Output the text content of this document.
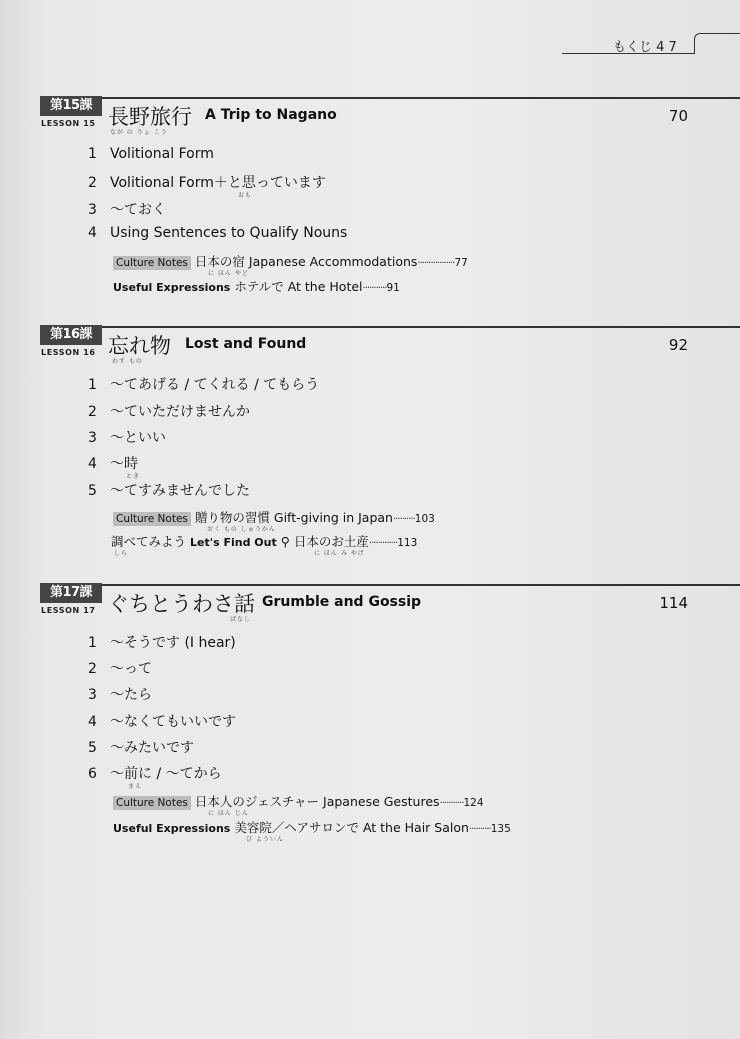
もくじ 4 7
第15課
LESSON 15 長野旅行
なが の りょ こう
A Trip to Nagano	70
1 Volitional Form
2 Volitional Form＋と思っています
おも
3 〜ておく
4 Using Sentences to Qualify Nouns
Culture Notes 日本の宿 Japanese Accommodations·················77
に ほん やど
Useful Expressions ホテルで At the Hotel···········91
第16課
LESSON 16 忘れ物
わす もの
Lost and Found	92
1 〜てあげる / てくれる / てもらう
2 〜ていただけませんか
3 〜といい
4 〜時
とき
5 〜てすみませんでした
Culture Notes 贈り物の習慣 Gift-giving in Japan··········103
おく もの しゅうかん
調べてみよう Let's Find Out ⚲ 日本のお土産·············113
しら	に ほん み やげ
第17課
LESSON 17 ぐちとうわさ話
ばなし
Grumble and Gossip	114
1 〜そうです (I hear)
2 〜って
3 〜たら
4 〜なくてもいいです
5 〜みたいです
6 〜前に / 〜てから
まえ
Culture Notes 日本人のジェスチャー Japanese Gestures···········124
に ほん じん
Useful Expressions 美容院／ヘアサロンで At the Hair Salon··········135
び よういん
